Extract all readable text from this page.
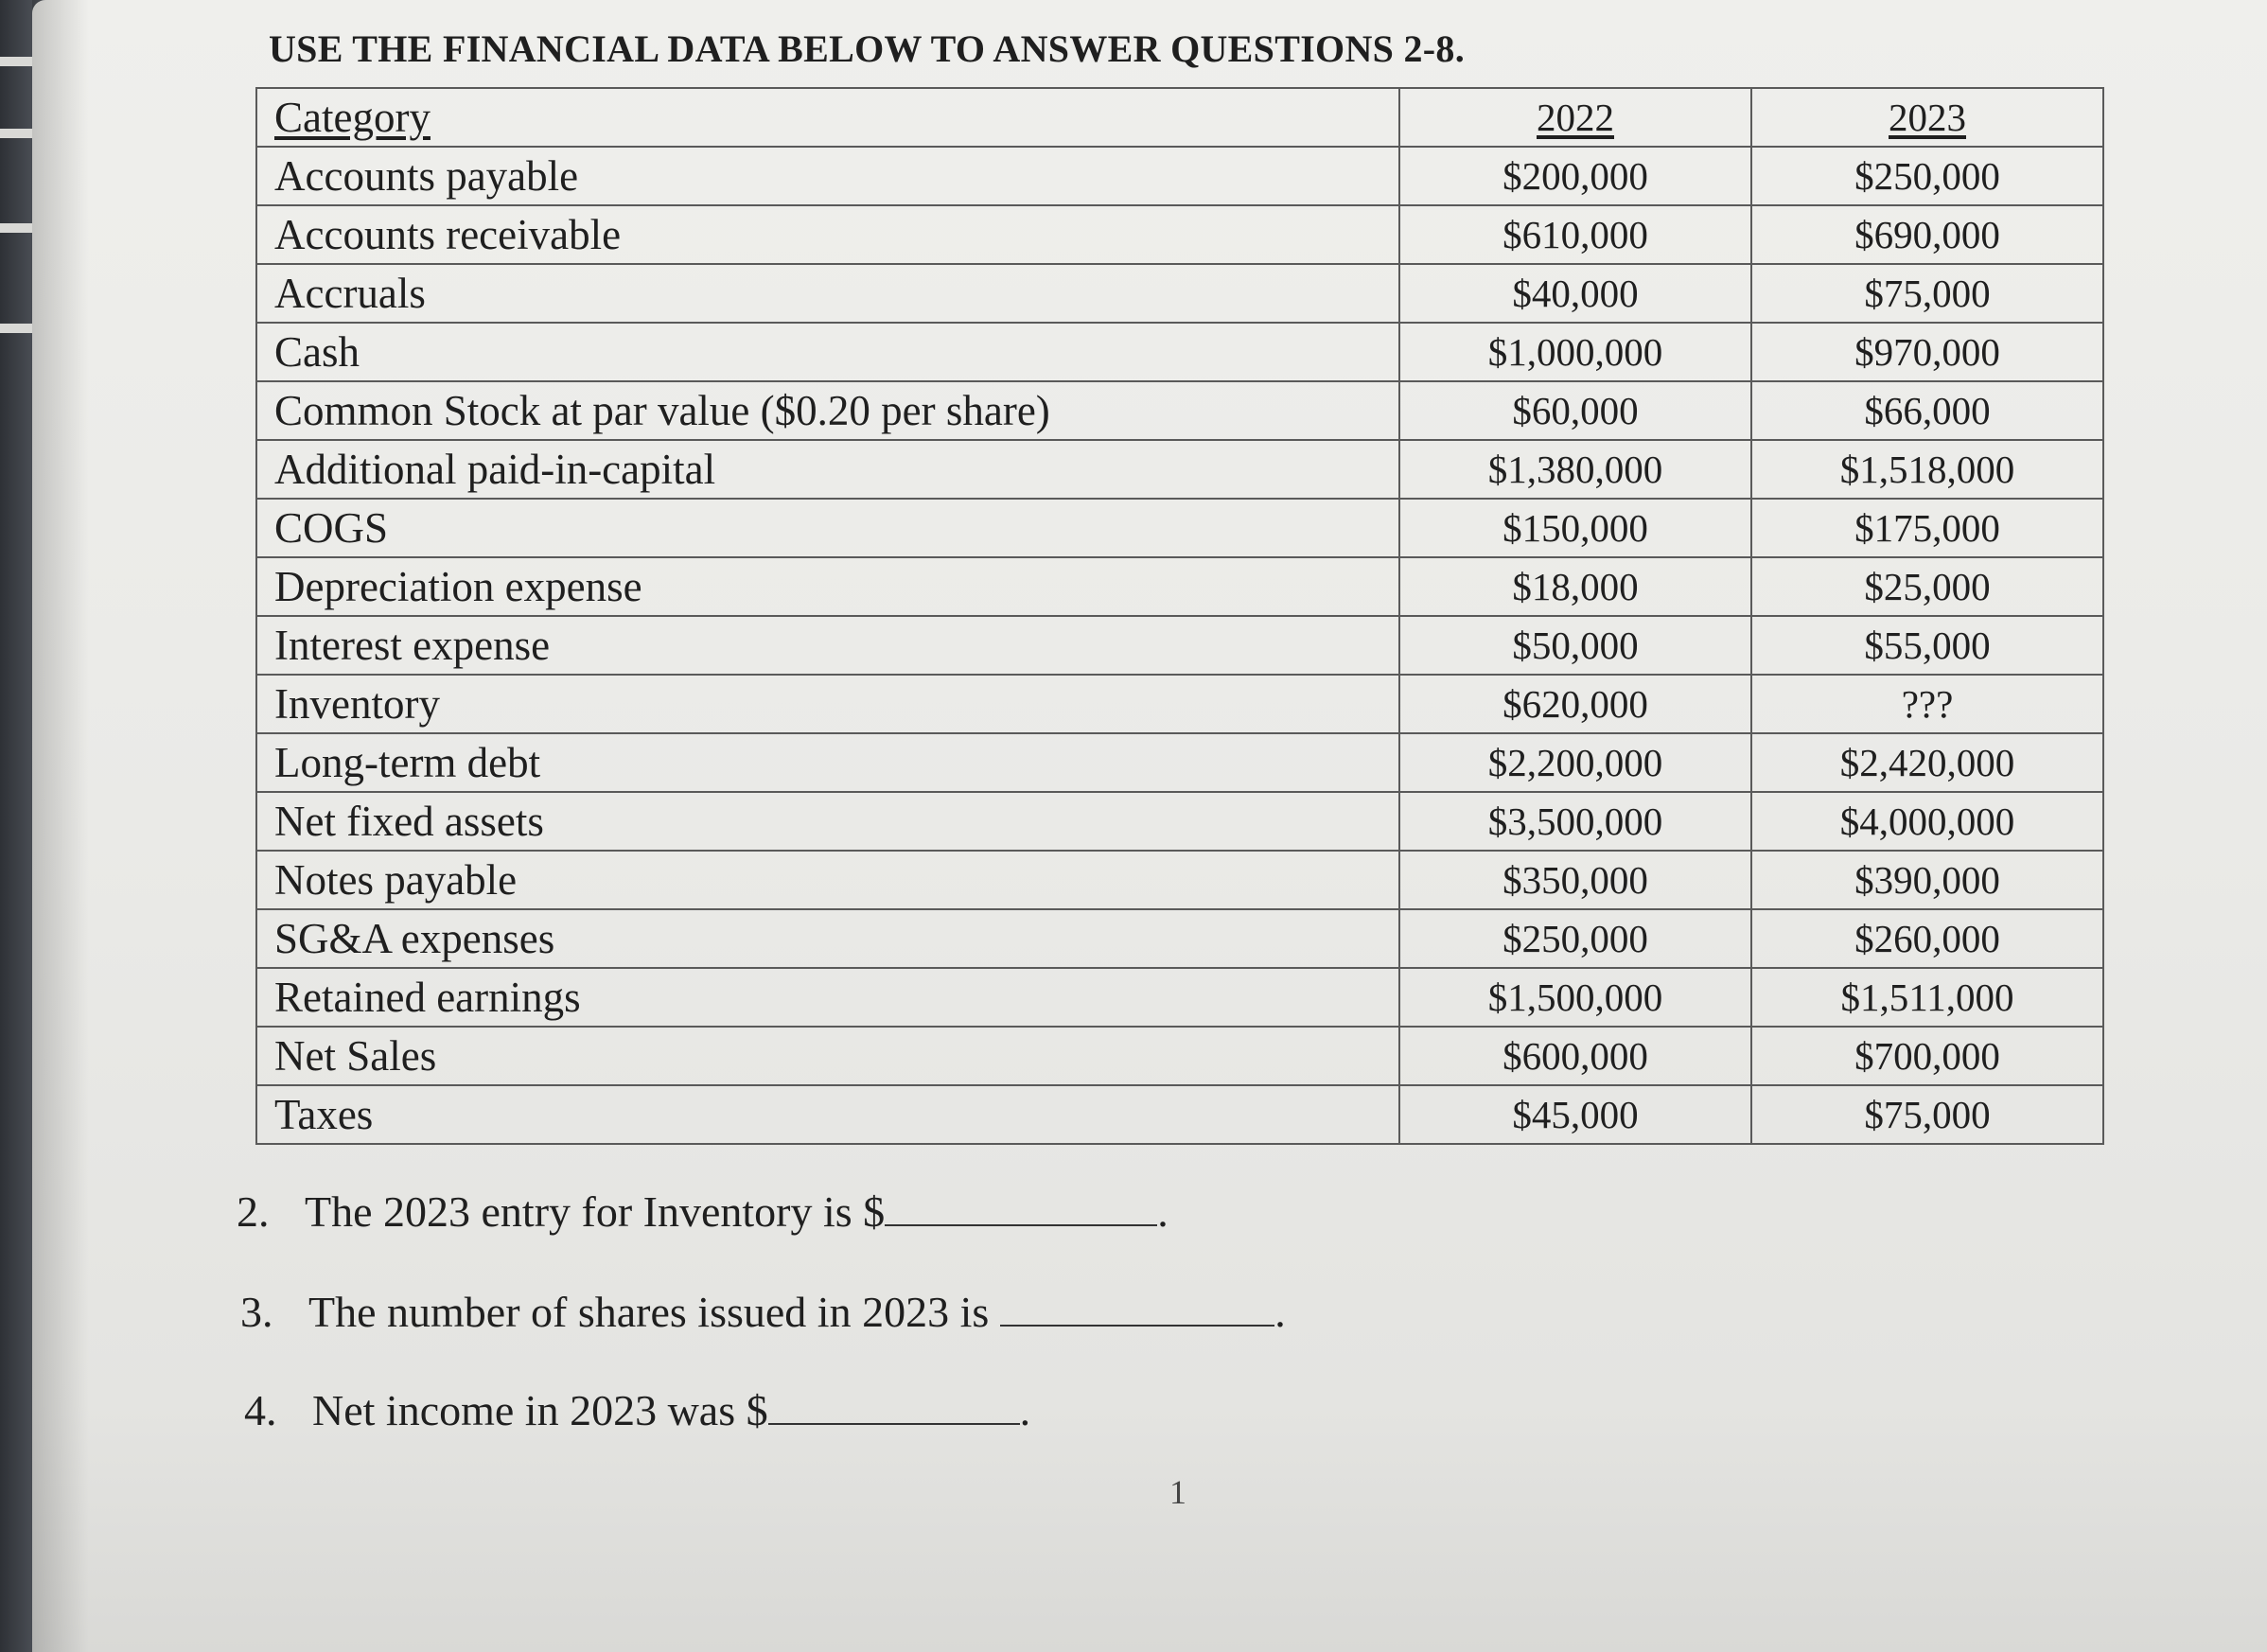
USE THE FINANCIAL DATA BELOW TO ANSWER QUESTIONS 2-8.
Category	2022	2023
Accounts payable	$200,000	$250,000
Accounts receivable	$610,000	$690,000
Accruals	$40,000	$75,000
Cash	$1,000,000	$970,000
Common Stock at par value ($0.20 per share)	$60,000	$66,000
Additional paid-in-capital	$1,380,000	$1,518,000
COGS	$150,000	$175,000
Depreciation expense	$18,000	$25,000
Interest expense	$50,000	$55,000
Inventory	$620,000	???
Long-term debt	$2,200,000	$2,420,000
Net fixed assets	$3,500,000	$4,000,000
Notes payable	$350,000	$390,000
SG&A expenses	$250,000	$260,000
Retained earnings	$1,500,000	$1,511,000
Net Sales	$600,000	$700,000
Taxes	$45,000	$75,000
2. The 2023 entry for Inventory is $	.
3. The number of shares issued in 2023 is	.
4. Net income in 2023 was $	.
1
